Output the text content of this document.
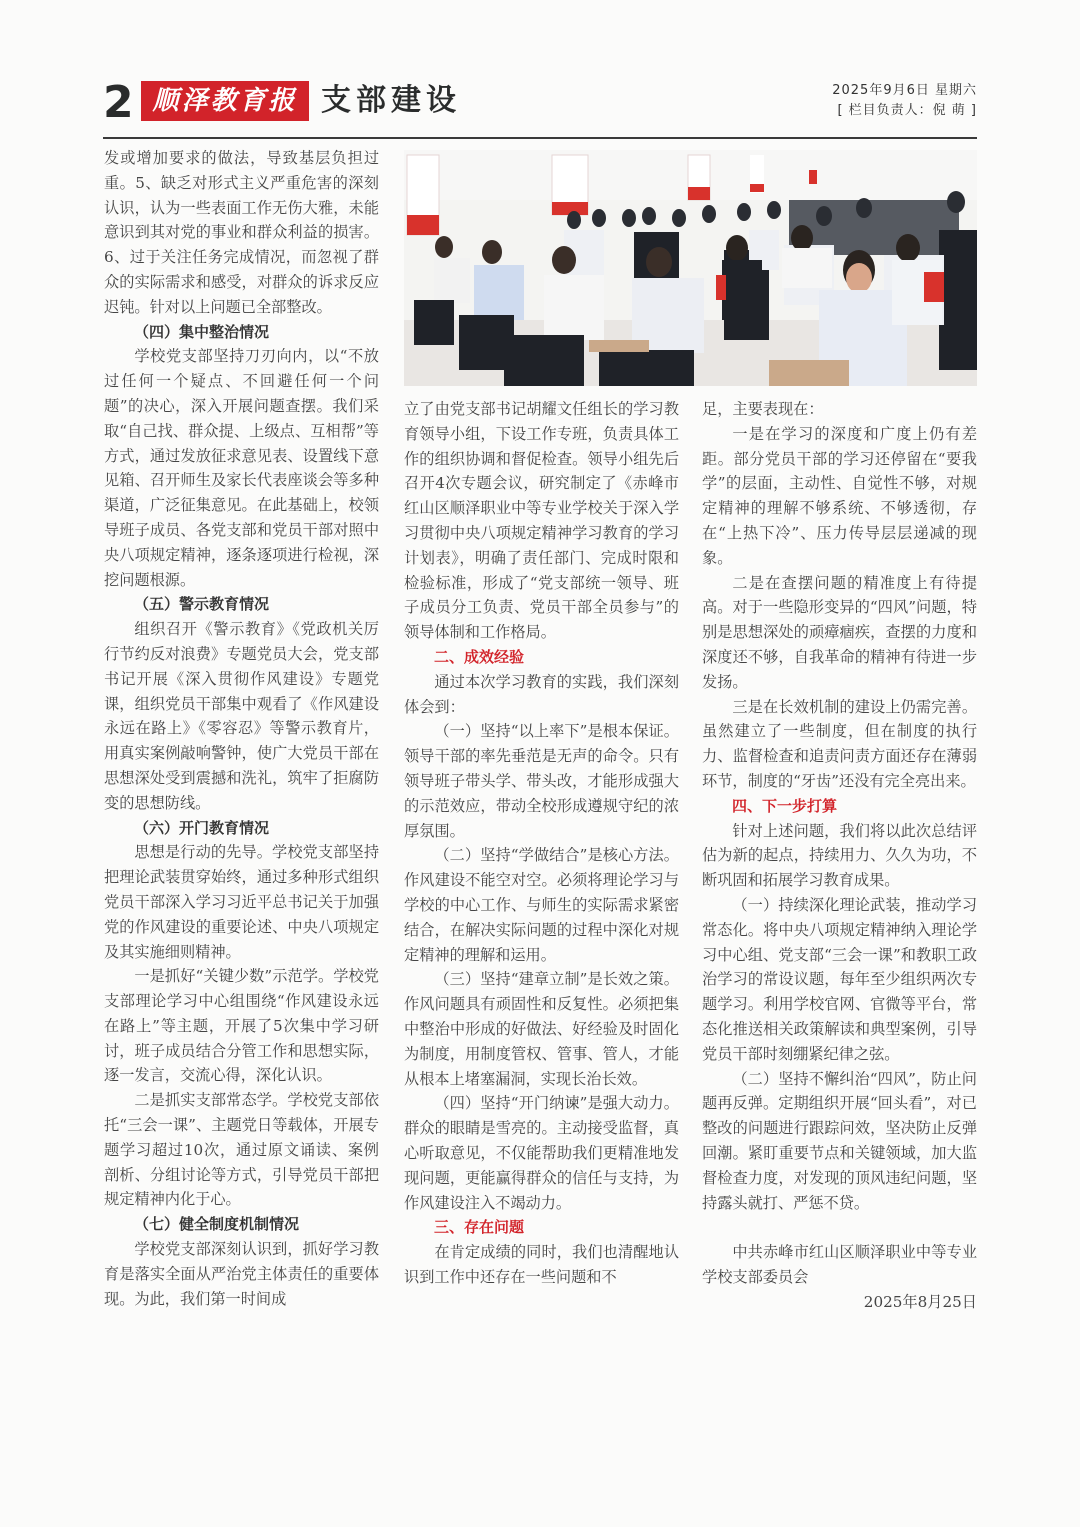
2 顺泽教育报 支部建设	2025年9月6日 星期六
[ 栏目负责人：倪 萌 ]

发或增加要求的做法，导致基层负担过重。5、缺乏对形式主义严重危害的深刻认识，认为一些表面工作无伤大雅，未能意识到其对党的事业和群众利益的损害。6、过于关注任务完成情况，而忽视了群众的实际需求和感受，对群众的诉求反应迟钝。针对以上问题已全部整改。

（四）集中整治情况

学校党支部坚持刀刃向内，以“不放过任何一个疑点、不回避任何一个问题”的决心，深入开展问题查摆。我们采取“自己找、群众提、上级点、互相帮”等方式，通过发放征求意见表、设置线下意见箱、召开师生及家长代表座谈会等多种渠道，广泛征集意见。在此基础上，校领导班子成员、各党支部和党员干部对照中央八项规定精神，逐条逐项进行检视，深挖问题根源。

（五）警示教育情况

组织召开《警示教育》《党政机关厉行节约反对浪费》专题党员大会，党支部书记开展《深入贯彻作风建设》专题党课，组织党员干部集中观看了《作风建设永远在路上》《零容忍》等警示教育片，用真实案例敲响警钟，使广大党员干部在思想深处受到震撼和洗礼，筑牢了拒腐防变的思想防线。

（六）开门教育情况

思想是行动的先导。学校党支部坚持把理论武装贯穿始终，通过多种形式组织党员干部深入学习习近平总书记关于加强党的作风建设的重要论述、中央八项规定及其实施细则精神。

一是抓好“关键少数”示范学。学校党支部理论学习中心组围绕“作风建设永远在路上”等主题，开展了5次集中学习研讨，班子成员结合分管工作和思想实际，逐一发言，交流心得，深化认识。

二是抓实支部常态学。学校党支部依托“三会一课”、主题党日等载体，开展专题学习超过10次，通过原文诵读、案例剖析、分组讨论等方式，引导党员干部把规定精神内化于心。

（七）健全制度机制情况

学校党支部深刻认识到，抓好学习教育是落实全面从严治党主体责任的重要体现。为此，我们第一时间成

立了由党支部书记胡耀文任组长的学习教育领导小组，下设工作专班，负责具体工作的组织协调和督促检查。领导小组先后召开4次专题会议，研究制定了《赤峰市红山区顺泽职业中等专业学校关于深入学习贯彻中央八项规定精神学习教育的学习计划表》，明确了责任部门、完成时限和检验标准，形成了“党支部统一领导、班子成员分工负责、党员干部全员参与”的领导体制和工作格局。

二、成效经验

通过本次学习教育的实践，我们深刻体会到：

（一）坚持“以上率下”是根本保证。领导干部的率先垂范是无声的命令。只有领导班子带头学、带头改，才能形成强大的示范效应，带动全校形成遵规守纪的浓厚氛围。

（二）坚持“学做结合”是核心方法。作风建设不能空对空。必须将理论学习与学校的中心工作、与师生的实际需求紧密结合，在解决实际问题的过程中深化对规定精神的理解和运用。

（三）坚持“建章立制”是长效之策。作风问题具有顽固性和反复性。必须把集中整治中形成的好做法、好经验及时固化为制度，用制度管权、管事、管人，才能从根本上堵塞漏洞，实现长治长效。

（四）坚持“开门纳谏”是强大动力。群众的眼睛是雪亮的。主动接受监督，真心听取意见，不仅能帮助我们更精准地发现问题，更能赢得群众的信任与支持，为作风建设注入不竭动力。

三、存在问题

在肯定成绩的同时，我们也清醒地认识到工作中还存在一些问题和不

足，主要表现在：

一是在学习的深度和广度上仍有差距。部分党员干部的学习还停留在“要我学”的层面，主动性、自觉性不够，对规定精神的理解不够系统、不够透彻，存在“上热下冷”、压力传导层层递减的现象。

二是在查摆问题的精准度上有待提高。对于一些隐形变异的“四风”问题，特别是思想深处的顽瘴痼疾，查摆的力度和深度还不够，自我革命的精神有待进一步发扬。

三是在长效机制的建设上仍需完善。虽然建立了一些制度，但在制度的执行力、监督检查和追责问责方面还存在薄弱环节，制度的“牙齿”还没有完全亮出来。

四、下一步打算

针对上述问题，我们将以此次总结评估为新的起点，持续用力、久久为功，不断巩固和拓展学习教育成果。

（一）持续深化理论武装，推动学习常态化。将中央八项规定精神纳入理论学习中心组、党支部“三会一课”和教职工政治学习的常设议题，每年至少组织两次专题学习。利用学校官网、官微等平台，常态化推送相关政策解读和典型案例，引导党员干部时刻绷紧纪律之弦。

（二）坚持不懈纠治“四风”，防止问题再反弹。定期组织开展“回头看”，对已整改的问题进行跟踪问效，坚决防止反弹回潮。紧盯重要节点和关键领域，加大监督检查力度，对发现的顶风违纪问题，坚持露头就打、严惩不贷。

中共赤峰市红山区顺泽职业中等专业学校支部委员会

2025年8月25日
